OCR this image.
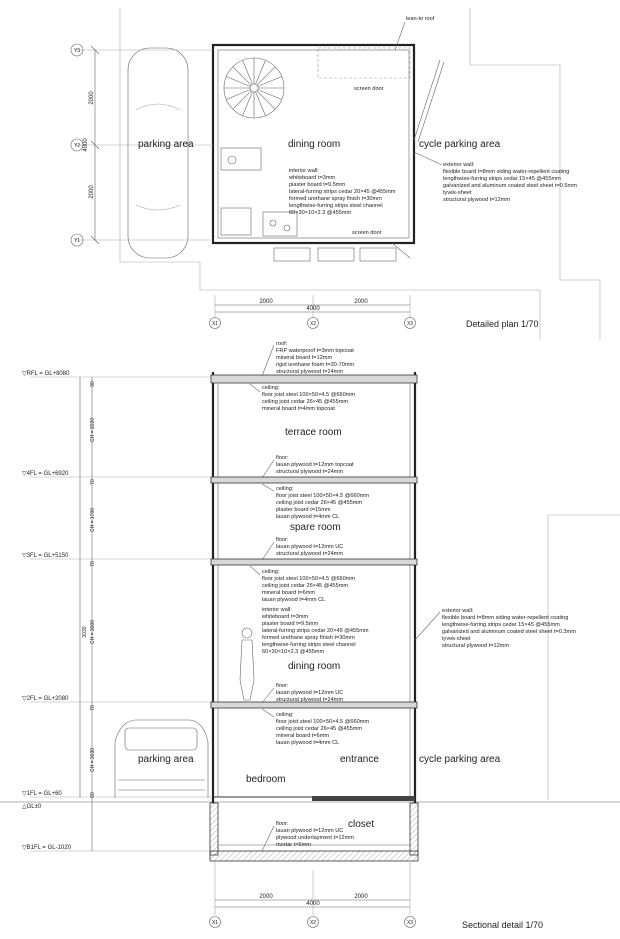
Y3
Y2
Y1
2000
4000
2000
2000
4000
2000
X1	X2	X3
lean-to roof
screen door
screen door
parking area	dining room	cycle parking area
Detailed plan 1/70
interior wall:
whiteboard t=3mm
plaster board t=9.5mm
lateral-furring strips cedar 20×45 @455mm
formed urethane spray finish t=30mm
lengthwise-furring strips steel channel
60×30×10×2.3 @455mm
exterior wall:
flexible board t=8mm siding water-repellent coating
lengthwise-furring strips cedar 15×45 @455mm
galvanized and aluminum coated steel sheet t=0.5mm
tyvek-sheet
structural plywood t=12mm
90
70
70
70
60
CH = 2020
CH = 1700
CH = 3000
CH = 3030
3030
▽RFL = GL+8080
▽4FL = GL+6920
▽3FL = GL+5150
▽2FL = GL+2080
▽1FL = GL+60
△GL±0
▽B1FL = GL-1020
terrace room
spare room
dining room
parking area	entrance	cycle parking area
bedroom
closet
roof:
FRP waterproof t=3mm topcoat
mineral board t=12mm
rigid urethane foam t=20-70mm
structural plywood t=24mm
ceiling:
floor joist steel 100×50×4.5 @660mm
ceiling joist cedar 26×45 @455mm
mineral board t=4mm topcoat
floor:
lauan plywood t=12mm topcoat
structural plywood t=24mm
ceiling:
floor joist steel 100×50×4.5 @660mm
ceiling joist cedar 26×45 @455mm
plaster board t=15mm
lauan plywood t=4mm CL
floor:
lauan plywood t=12mm UC
structural plywood t=24mm
ceiling:
floor joist steel 100×50×4.5 @660mm
ceiling joist cedar 26×45 @455mm
mineral board t=6mm
lauan plywood t=4mm CL
interior wall:
whiteboard t=3mm
plaster board t=9.5mm
lateral-furring strips cedar 20×45 @455mm
formed urethane spray finish t=30mm
lengthwise-furring strips steel channel
60×30×10×2.3 @455mm
exterior wall:
flexible board t=8mm siding water-repellent coating
lengthwise-furring strips cedar 15×45 @455mm
galvanized and aluminum coated steel sheet t=0.3mm
tyvek-sheet
structural plywood t=12mm
floor:
lauan plywood t=12mm UC
structural plywood t=24mm
ceiling:
floor joist steel 100×50×4.5 @660mm
ceiling joist cedar 26×45 @455mm
mineral board t=6mm
lauan plywood t=4mm CL
floor:
lauan plywood t=12mm UC
plywood underlayment t=12mm
mortar t=6mm
2000
4000
2000
X1	X2	X3	Sectional detail 1/70
